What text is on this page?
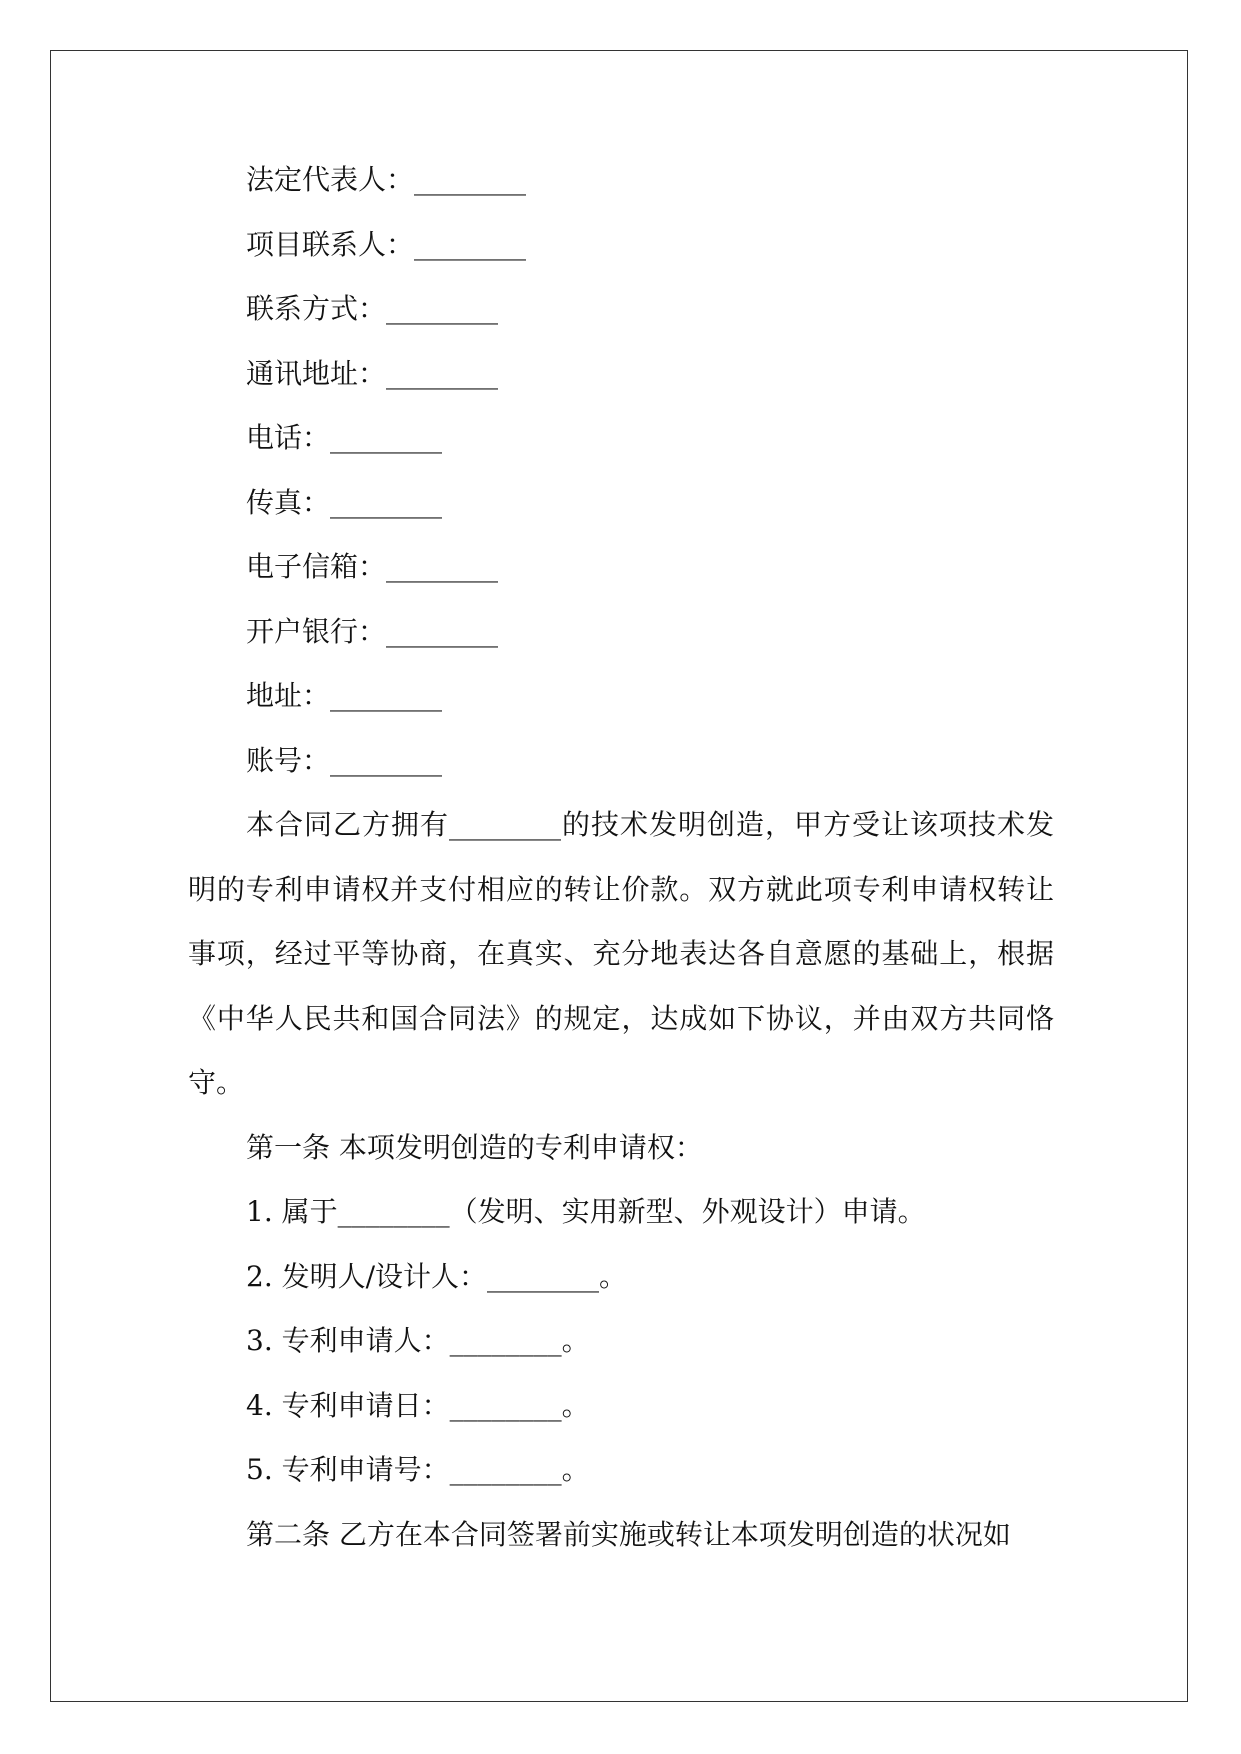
法定代表人：________
项目联系人：________
联系方式：________
通讯地址：________
电话：________
传真：________
电子信箱：________
开户银行：________
地址：________
账号：________

本合同乙方拥有________的技术发明创造，甲方受让该项技术发明的专利申请权并支付相应的转让价款。双方就此项专利申请权转让事项，经过平等协商，在真实、充分地表达各自意愿的基础上，根据《中华人民共和国合同法》的规定，达成如下协议，并由双方共同恪守。

第一条 本项发明创造的专利申请权：
1. 属于________（发明、实用新型、外观设计）申请。
2. 发明人/设计人：________。
3. 专利申请人：________。
4. 专利申请日：________。
5. 专利申请号：________。
第二条 乙方在本合同签署前实施或转让本项发明创造的状况如
